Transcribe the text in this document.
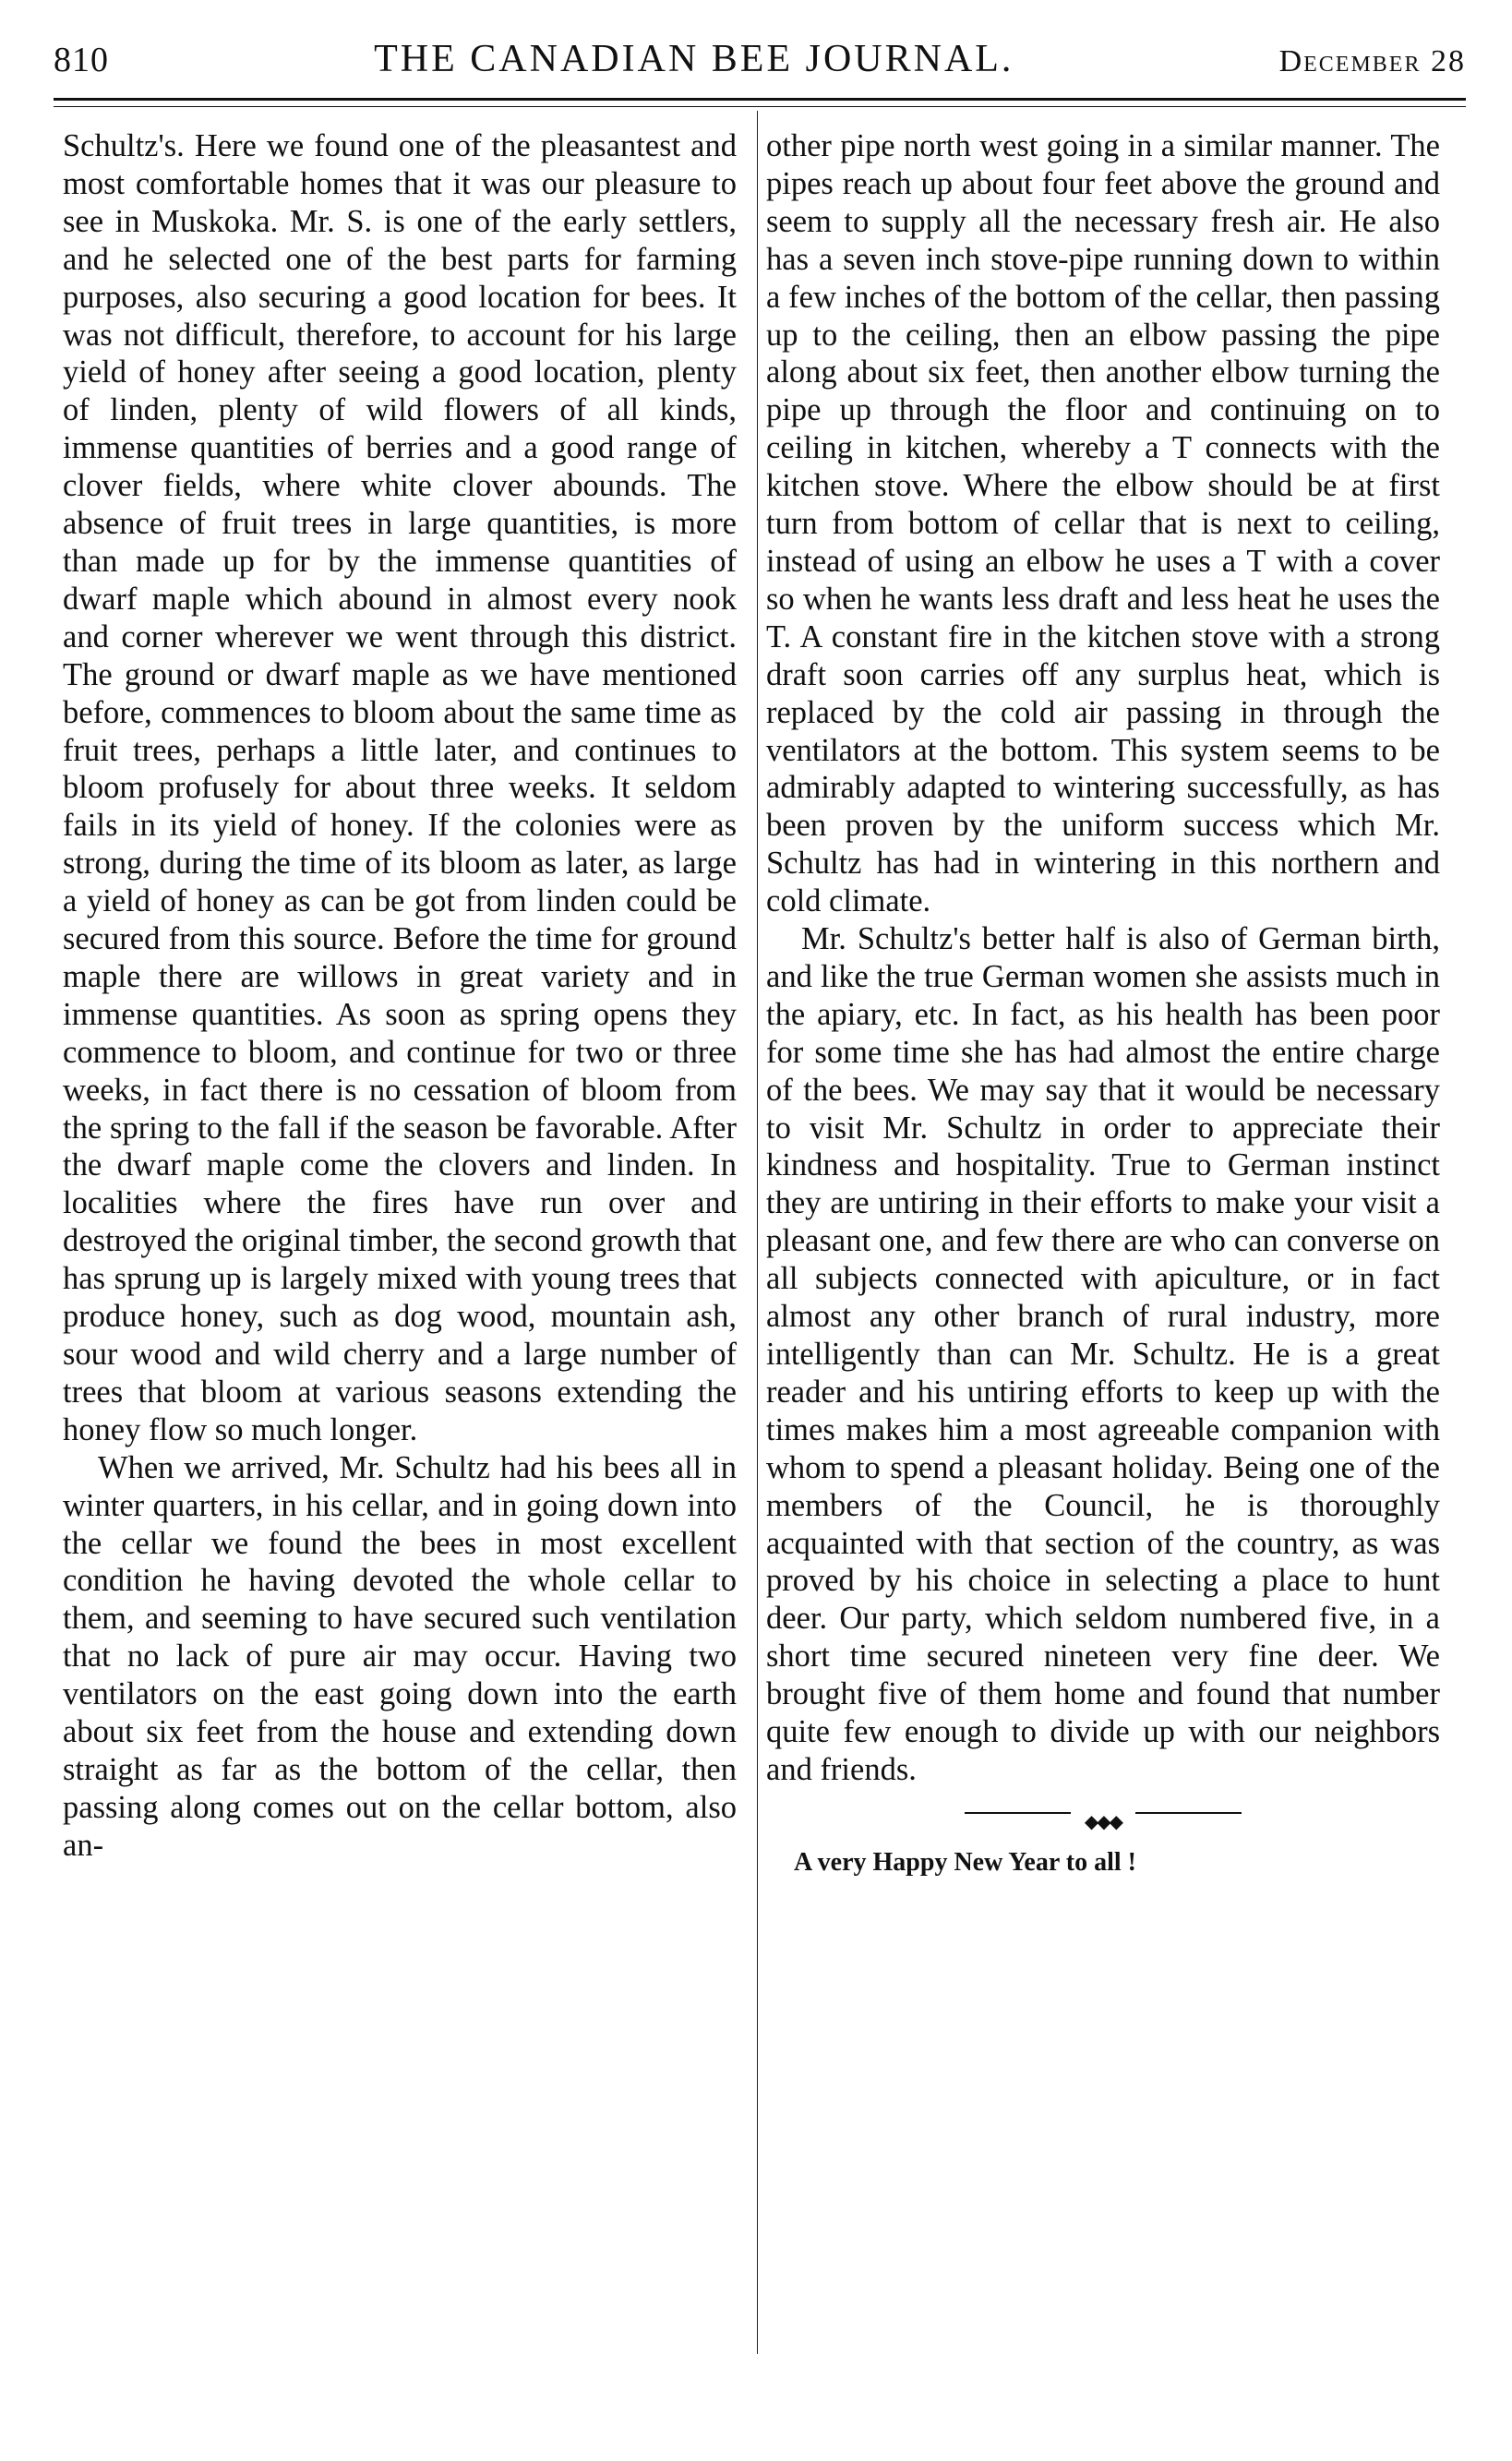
810	THE CANADIAN BEE JOURNAL.	December 28

Schultz's. Here we found one of the pleasantest and most comfortable homes that it was our pleasure to see in Muskoka. Mr. S. is one of the early settlers, and he selected one of the best parts for farming purposes, also securing a good location for bees. It was not difficult, therefore, to account for his large yield of honey after seeing a good location, plenty of linden, plenty of wild flowers of all kinds, immense quantities of berries and a good range of clover fields, where white clover abounds. The absence of fruit trees in large quantities, is more than made up for by the immense quantities of dwarf maple which abound in almost every nook and corner wherever we went through this district. The ground or dwarf maple as we have mentioned before, commences to bloom about the same time as fruit trees, perhaps a little later, and continues to bloom profusely for about three weeks. It seldom fails in its yield of honey. If the colonies were as strong, during the time of its bloom as later, as large a yield of honey as can be got from linden could be secured from this source. Before the time for ground maple there are willows in great variety and in immense quantities. As soon as spring opens they commence to bloom, and continue for two or three weeks, in fact there is no cessation of bloom from the spring to the fall if the season be favorable. After the dwarf maple come the clovers and linden. In localities where the fires have run over and destroyed the original timber, the second growth that has sprung up is largely mixed with young trees that produce honey, such as dog wood, mountain ash, sour wood and wild cherry and a large number of trees that bloom at various seasons extending the honey flow so much longer.

When we arrived, Mr. Schultz had his bees all in winter quarters, in his cellar, and in going down into the cellar we found the bees in most excellent condition he having devoted the whole cellar to them, and seeming to have secured such ventilation that no lack of pure air may occur. Having two ventilators on the east going down into the earth about six feet from the house and extending down straight as far as the bottom of the cellar, then passing along comes out on the cellar bottom, also an-

other pipe north west going in a similar manner. The pipes reach up about four feet above the ground and seem to supply all the necessary fresh air. He also has a seven inch stove-pipe running down to within a few inches of the bottom of the cellar, then passing up to the ceiling, then an elbow passing the pipe along about six feet, then another elbow turning the pipe up through the floor and continuing on to ceiling in kitchen, whereby a T connects with the kitchen stove. Where the elbow should be at first turn from bottom of cellar that is next to ceiling, instead of using an elbow he uses a T with a cover so when he wants less draft and less heat he uses the T. A constant fire in the kitchen stove with a strong draft soon carries off any surplus heat, which is replaced by the cold air passing in through the ventilators at the bottom. This system seems to be admirably adapted to wintering successfully, as has been proven by the uniform success which Mr. Schultz has had in wintering in this northern and cold climate.

Mr. Schultz's better half is also of German birth, and like the true German women she assists much in the apiary, etc. In fact, as his health has been poor for some time she has had almost the entire charge of the bees. We may say that it would be necessary to visit Mr. Schultz in order to appreciate their kindness and hospitality. True to German instinct they are untiring in their efforts to make your visit a pleasant one, and few there are who can converse on all subjects connected with apiculture, or in fact almost any other branch of rural industry, more intelligently than can Mr. Schultz. He is a great reader and his untiring efforts to keep up with the times makes him a most agreeable companion with whom to spend a pleasant holiday. Being one of the members of the Council, he is thoroughly acquainted with that section of the country, as was proved by his choice in selecting a place to hunt deer. Our party, which seldom numbered five, in a short time secured nineteen very fine deer. We brought five of them home and found that number quite few enough to divide up with our neighbors and friends.

◆◆◆
A very Happy New Year to all !
